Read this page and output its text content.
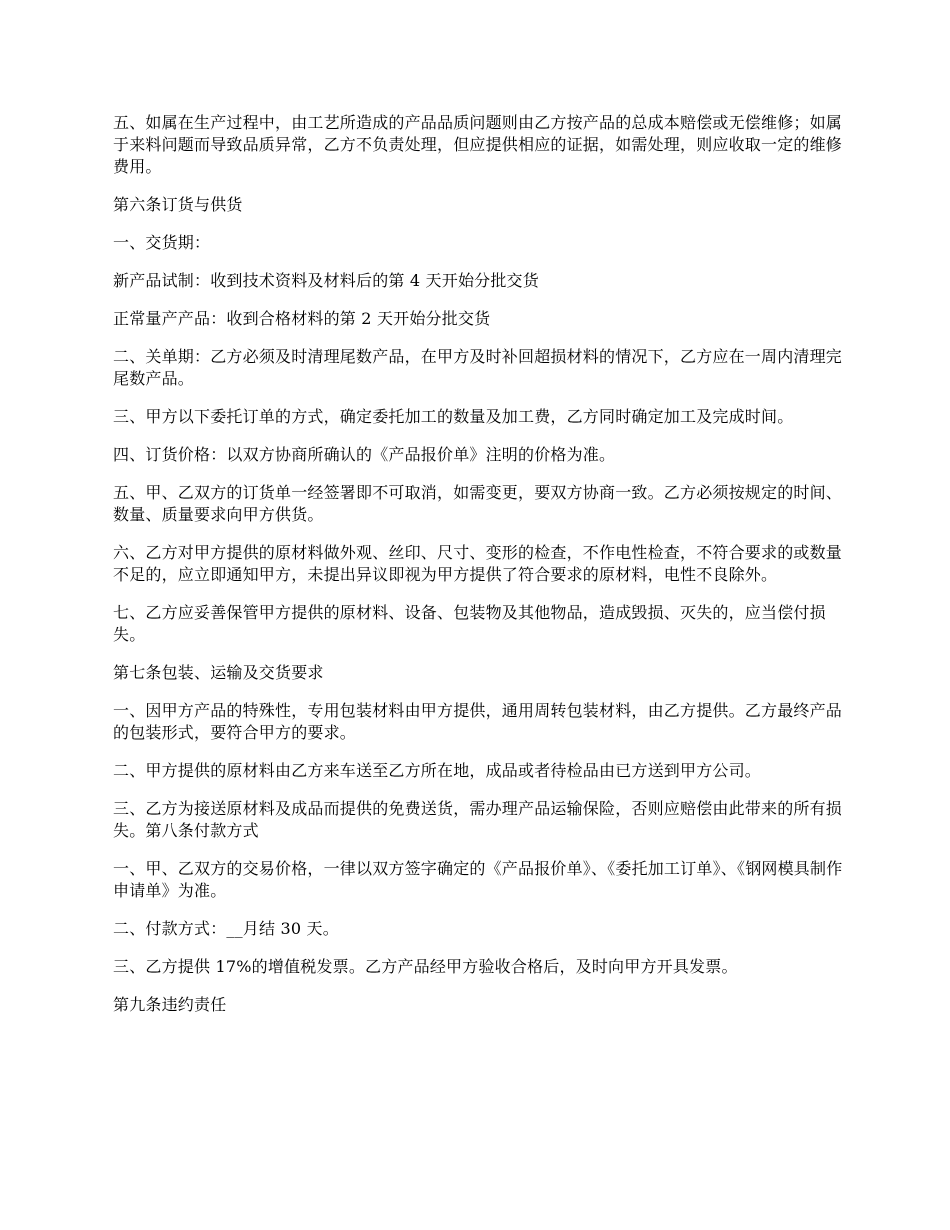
五、如属在生产过程中，由工艺所造成的产品品质问题则由乙方按产品的总成本赔偿或无偿维修；如属于来料问题而导致品质异常，乙方不负责处理，但应提供相应的证据，如需处理，则应收取一定的维修费用。

第六条订货与供货

一、交货期：

新产品试制：收到技术资料及材料后的第 4 天开始分批交货

正常量产产品：收到合格材料的第 2 天开始分批交货

二、关单期：乙方必须及时清理尾数产品，在甲方及时补回超损材料的情况下，乙方应在一周内清理完尾数产品。

三、甲方以下委托订单的方式，确定委托加工的数量及加工费，乙方同时确定加工及完成时间。

四、订货价格：以双方协商所确认的《产品报价单》注明的价格为准。

五、甲、乙双方的订货单一经签署即不可取消，如需变更，要双方协商一致。乙方必须按规定的时间、数量、质量要求向甲方供货。

六、乙方对甲方提供的原材料做外观、丝印、尺寸、变形的检查，不作电性检查，不符合要求的或数量不足的，应立即通知甲方，未提出异议即视为甲方提供了符合要求的原材料，电性不良除外。

七、乙方应妥善保管甲方提供的原材料、设备、包装物及其他物品，造成毁损、灭失的，应当偿付损失。

第七条包装、运输及交货要求

一、因甲方产品的特殊性，专用包装材料由甲方提供，通用周转包装材料，由乙方提供。乙方最终产品的包装形式，要符合甲方的要求。

二、甲方提供的原材料由乙方来车送至乙方所在地，成品或者待检品由已方送到甲方公司。

三、乙方为接送原材料及成品而提供的免费送货，需办理产品运输保险，否则应赔偿由此带来的所有损失。第八条付款方式

一、甲、乙双方的交易价格，一律以双方签字确定的《产品报价单》、《委托加工订单》、《钢网模具制作申请单》为准。

二、付款方式：__月结 30 天。

三、乙方提供 17%的增值税发票。乙方产品经甲方验收合格后，及时向甲方开具发票。

第九条违约责任
